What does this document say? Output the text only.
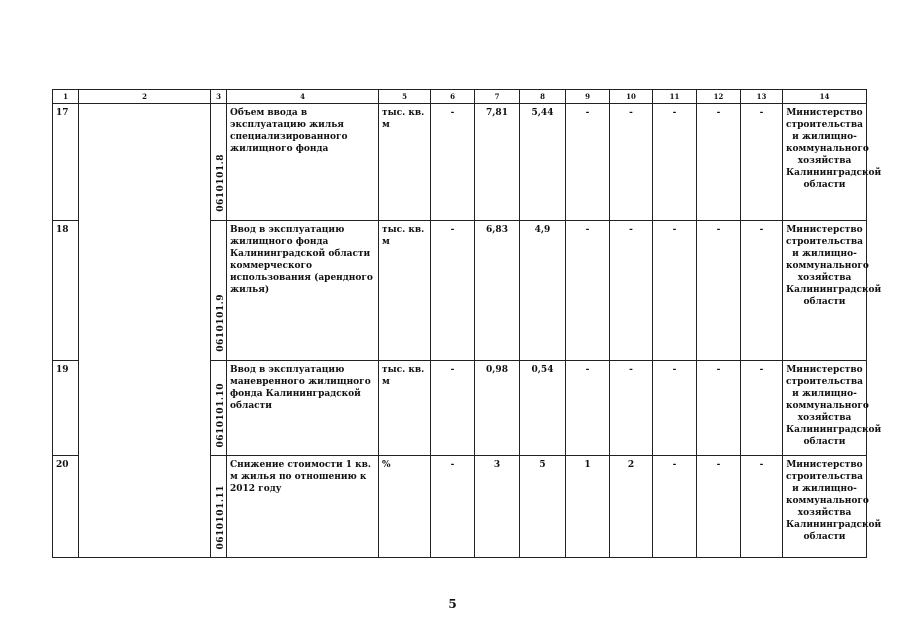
1	2	3	4	5	6	7	8	9	10	11	12	13	14
17		0610101.8	Объем ввода в эксплуатацию жилья специализированного жилищного фонда	тыс. кв. м	-	7,81	5,44	-	-	-	-	-	Министерство строительства и жилищно-коммунального хозяйства Калининградской области
18		0610101.9	Ввод в эксплуатацию жилищного фонда Калининградской области коммерческого использования (арендного жилья)	тыс. кв. м	-	6,83	4,9	-	-	-	-	-	Министерство строительства и жилищно-коммунального хозяйства Калининградской области
19		0610101.10	Ввод в эксплуатацию маневренного жилищного фонда Калининградской области	тыс. кв. м	-	0,98	0,54	-	-	-	-	-	Министерство строительства и жилищно-коммунального хозяйства Калининградской области
20		0610101.11	Снижение стоимости 1 кв. м жилья по отношению к 2012 году	%	-	3	5	1	2	-	-	-	Министерство строительства и жилищно-коммунального хозяйства Калининградской области
5
